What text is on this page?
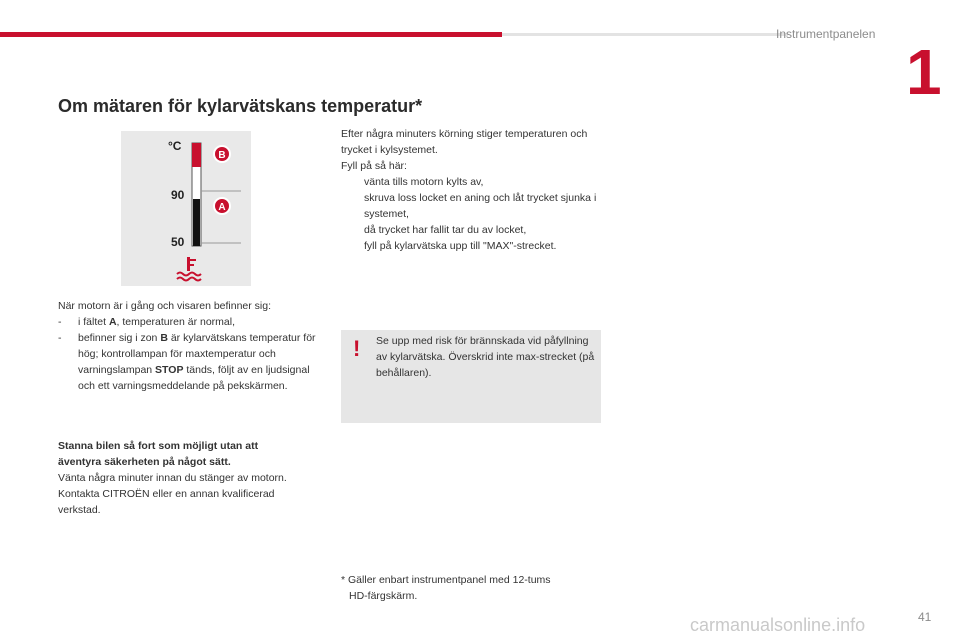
Instrumentpanelen
1
Om mätaren för kylarvätskans temperatur*
°C
90
50
B
A
När motorn är i gång och visaren befinner sig:
- i fältet A, temperaturen är normal,
- befinner sig i zon B är kylarvätskans temperatur för hög; kontrollampan för maxtemperatur och varningslampan STOP tänds, följt av en ljudsignal och ett varningsmeddelande på pekskärmen.
Stanna bilen så fort som möjligt utan att
äventyra säkerheten på något sätt.
Vänta några minuter innan du stänger av motorn.
Kontakta CITROËN eller en annan kvalificerad verkstad.
Efter några minuters körning stiger temperaturen och trycket i kylsystemet.
Fyll på så här:
vänta tills motorn kylts av,
skruva loss locket en aning och låt trycket sjunka i systemet,
då trycket har fallit tar du av locket,
fyll på kylarvätska upp till "MAX"-strecket.
! Se upp med risk för brännskada vid påfyllning av kylarvätska. Överskrid inte max-strecket (på behållaren).
* Gäller enbart instrumentpanel med 12-tums
HD-färgskärm.
carmanualsonline.info	41
